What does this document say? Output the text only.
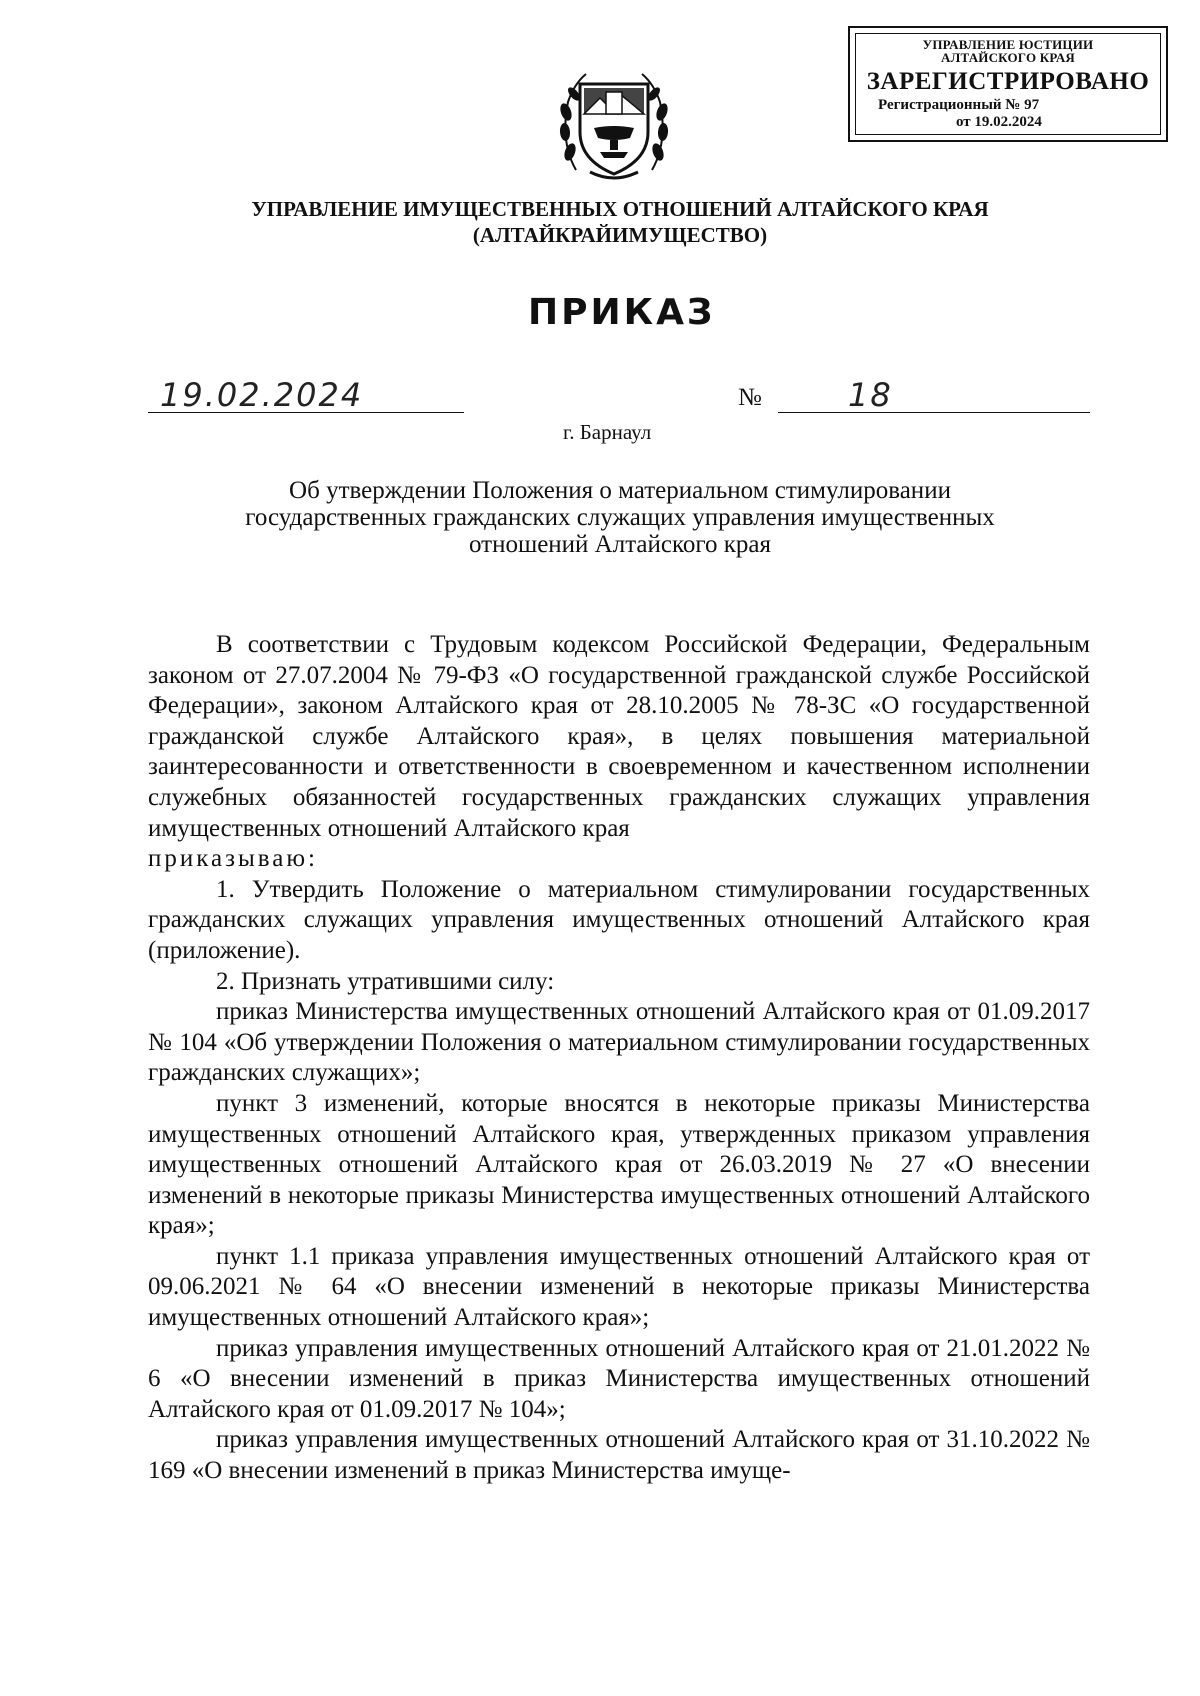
УПРАВЛЕНИЕ ЮСТИЦИИ
АЛТАЙСКОГО КРАЯ
ЗАРЕГИСТРИРОВАНО
Регистрационный № 97
от 19.02.2024
УПРАВЛЕНИЕ ИМУЩЕСТВЕННЫХ ОТНОШЕНИЙ АЛТАЙСКОГО КРАЯ
(АЛТАЙКРАЙИМУЩЕСТВО)
ПРИКАЗ
19.02.2024	№	18
г. Барнаул
Об утверждении Положения о материальном стимулировании
государственных гражданских служащих управления имущественных
отношений Алтайского края

В соответствии с Трудовым кодексом Российской Федерации, Федеральным законом от 27.07.2004 № 79-ФЗ «О государственной гражданской службе Российской Федерации», законом Алтайского края от 28.10.2005 № 78-ЗС «О государственной гражданской службе Алтайского края», в целях повышения материальной заинтересованности и ответственности в своевременном и качественном исполнении служебных обязанностей государственных гражданских служащих управления имущественных отношений Алтайского края

приказываю:

1. Утвердить Положение о материальном стимулировании государственных гражданских служащих управления имущественных отношений Алтайского края (приложение).

2. Признать утратившими силу:

приказ Министерства имущественных отношений Алтайского края от 01.09.2017 № 104 «Об утверждении Положения о материальном стимулировании государственных гражданских служащих»;

пункт 3 изменений, которые вносятся в некоторые приказы Министерства имущественных отношений Алтайского края, утвержденных приказом управления имущественных отношений Алтайского края от 26.03.2019 № 27 «О внесении изменений в некоторые приказы Министерства имущественных отношений Алтайского края»;

пункт 1.1 приказа управления имущественных отношений Алтайского края от 09.06.2021 № 64 «О внесении изменений в некоторые приказы Министерства имущественных отношений Алтайского края»;

приказ управления имущественных отношений Алтайского края от 21.01.2022 № 6 «О внесении изменений в приказ Министерства имущественных отношений Алтайского края от 01.09.2017 № 104»;

приказ управления имущественных отношений Алтайского края от 31.10.2022 № 169 «О внесении изменений в приказ Министерства имуще-
